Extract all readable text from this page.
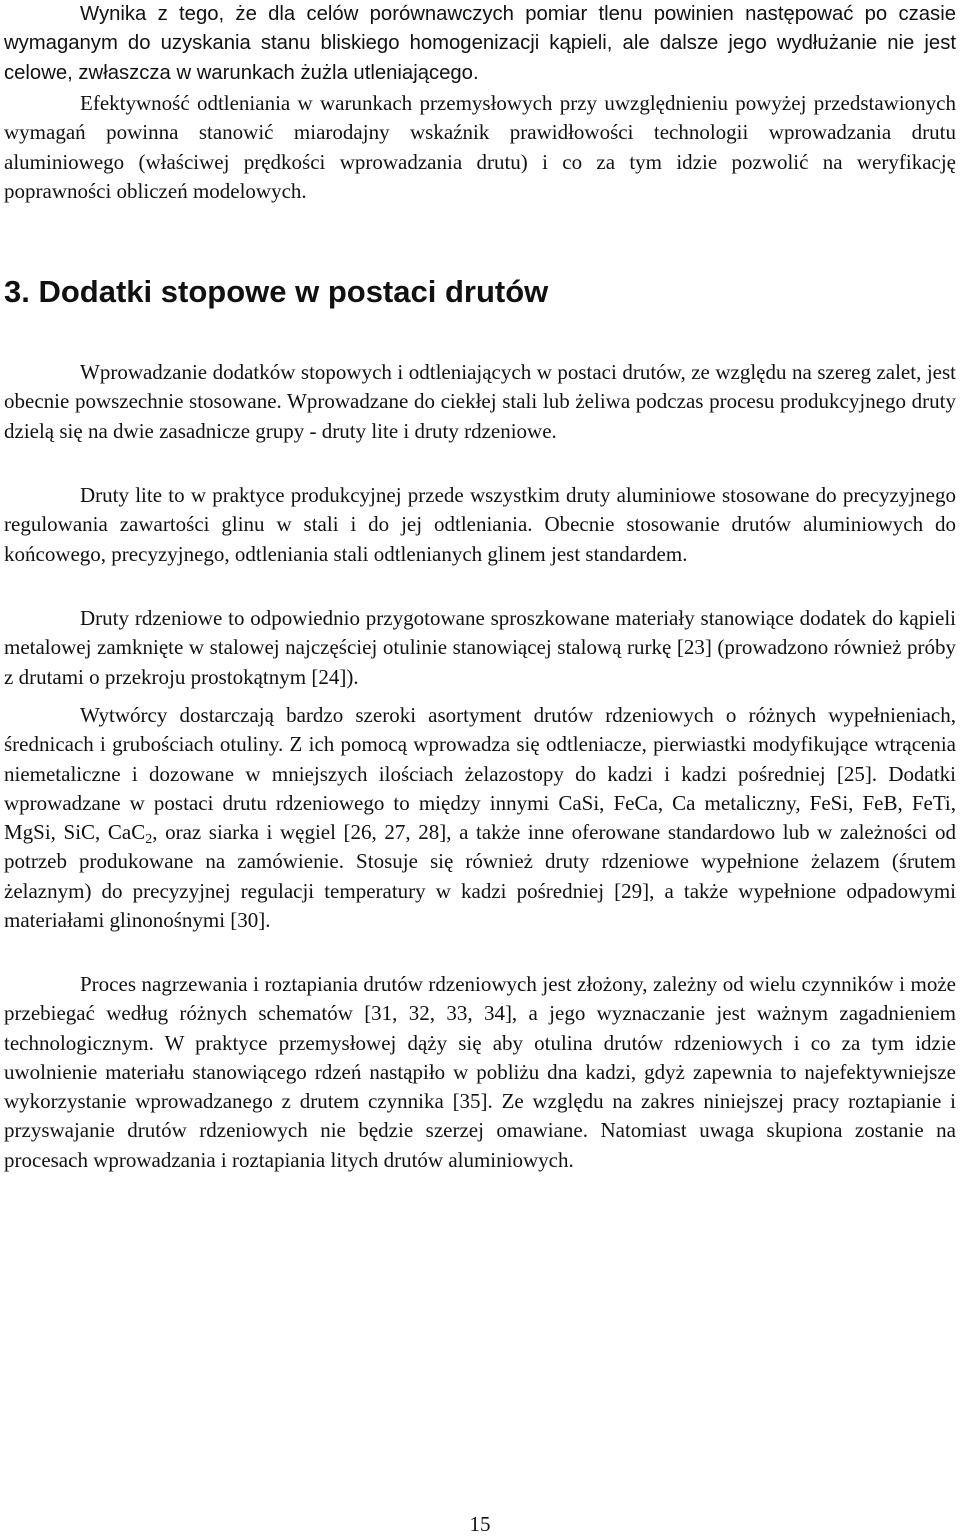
Wynika z tego, że dla celów porównawczych pomiar tlenu powinien następować po czasie wymaganym do uzyskania stanu bliskiego homogenizacji kąpieli, ale dalsze jego wydłużanie nie jest celowe, zwłaszcza w warunkach żużla utleniającego.

Efektywność odtleniania w warunkach przemysłowych przy uwzględnieniu powyżej przedstawionych wymagań powinna stanowić miarodajny wskaźnik prawidłowości technologii wprowadzania drutu aluminiowego (właściwej prędkości wprowadzania drutu) i co za tym idzie pozwolić na weryfikację poprawności obliczeń modelowych.

3. Dodatki stopowe w postaci drutów

Wprowadzanie dodatków stopowych i odtleniających w postaci drutów, ze względu na szereg zalet, jest obecnie powszechnie stosowane. Wprowadzane do ciekłej stali lub żeliwa podczas procesu produkcyjnego druty dzielą się na dwie zasadnicze grupy - druty lite i druty rdzeniowe.

Druty lite to w praktyce produkcyjnej przede wszystkim druty aluminiowe stosowane do precyzyjnego regulowania zawartości glinu w stali i do jej odtleniania. Obecnie stosowanie drutów aluminiowych do końcowego, precyzyjnego, odtleniania stali odtlenianych glinem jest standardem.

Druty rdzeniowe to odpowiednio przygotowane sproszkowane materiały stanowiące dodatek do kąpieli metalowej zamknięte w stalowej najczęściej otulinie stanowiącej stalową rurkę [23] (prowadzono również próby z drutami o przekroju prostokątnym [24]).

Wytwórcy dostarczają bardzo szeroki asortyment drutów rdzeniowych o różnych wypełnieniach, średnicach i grubościach otuliny. Z ich pomocą wprowadza się odtleniacze, pierwiastki modyfikujące wtrącenia niemetaliczne i dozowane w mniejszych ilościach żelazostopy do kadzi i kadzi pośredniej [25]. Dodatki wprowadzane w postaci drutu rdzeniowego to między innymi CaSi, FeCa, Ca metaliczny, FeSi, FeB, FeTi, MgSi, SiC, CaC$_2$, oraz siarka i węgiel [26, 27, 28], a także inne oferowane standardowo lub w zależności od potrzeb produkowane na zamówienie. Stosuje się również druty rdzeniowe wypełnione żelazem (śrutem żelaznym) do precyzyjnej regulacji temperatury w kadzi pośredniej [29], a także wypełnione odpadowymi materiałami glinonośnymi [30].

Proces nagrzewania i roztapiania drutów rdzeniowych jest złożony, zależny od wielu czynników i może przebiegać według różnych schematów [31, 32, 33, 34], a jego wyznaczanie jest ważnym zagadnieniem technologicznym. W praktyce przemysłowej dąży się aby otulina drutów rdzeniowych i co za tym idzie uwolnienie materiału stanowiącego rdzeń nastąpiło w pobliżu dna kadzi, gdyż zapewnia to najefektywniejsze wykorzystanie wprowadzanego z drutem czynnika [35]. Ze względu na zakres niniejszej pracy roztapianie i przyswajanie drutów rdzeniowych nie będzie szerzej omawiane. Natomiast uwaga skupiona zostanie na procesach wprowadzania i roztapiania litych drutów aluminiowych.

15
